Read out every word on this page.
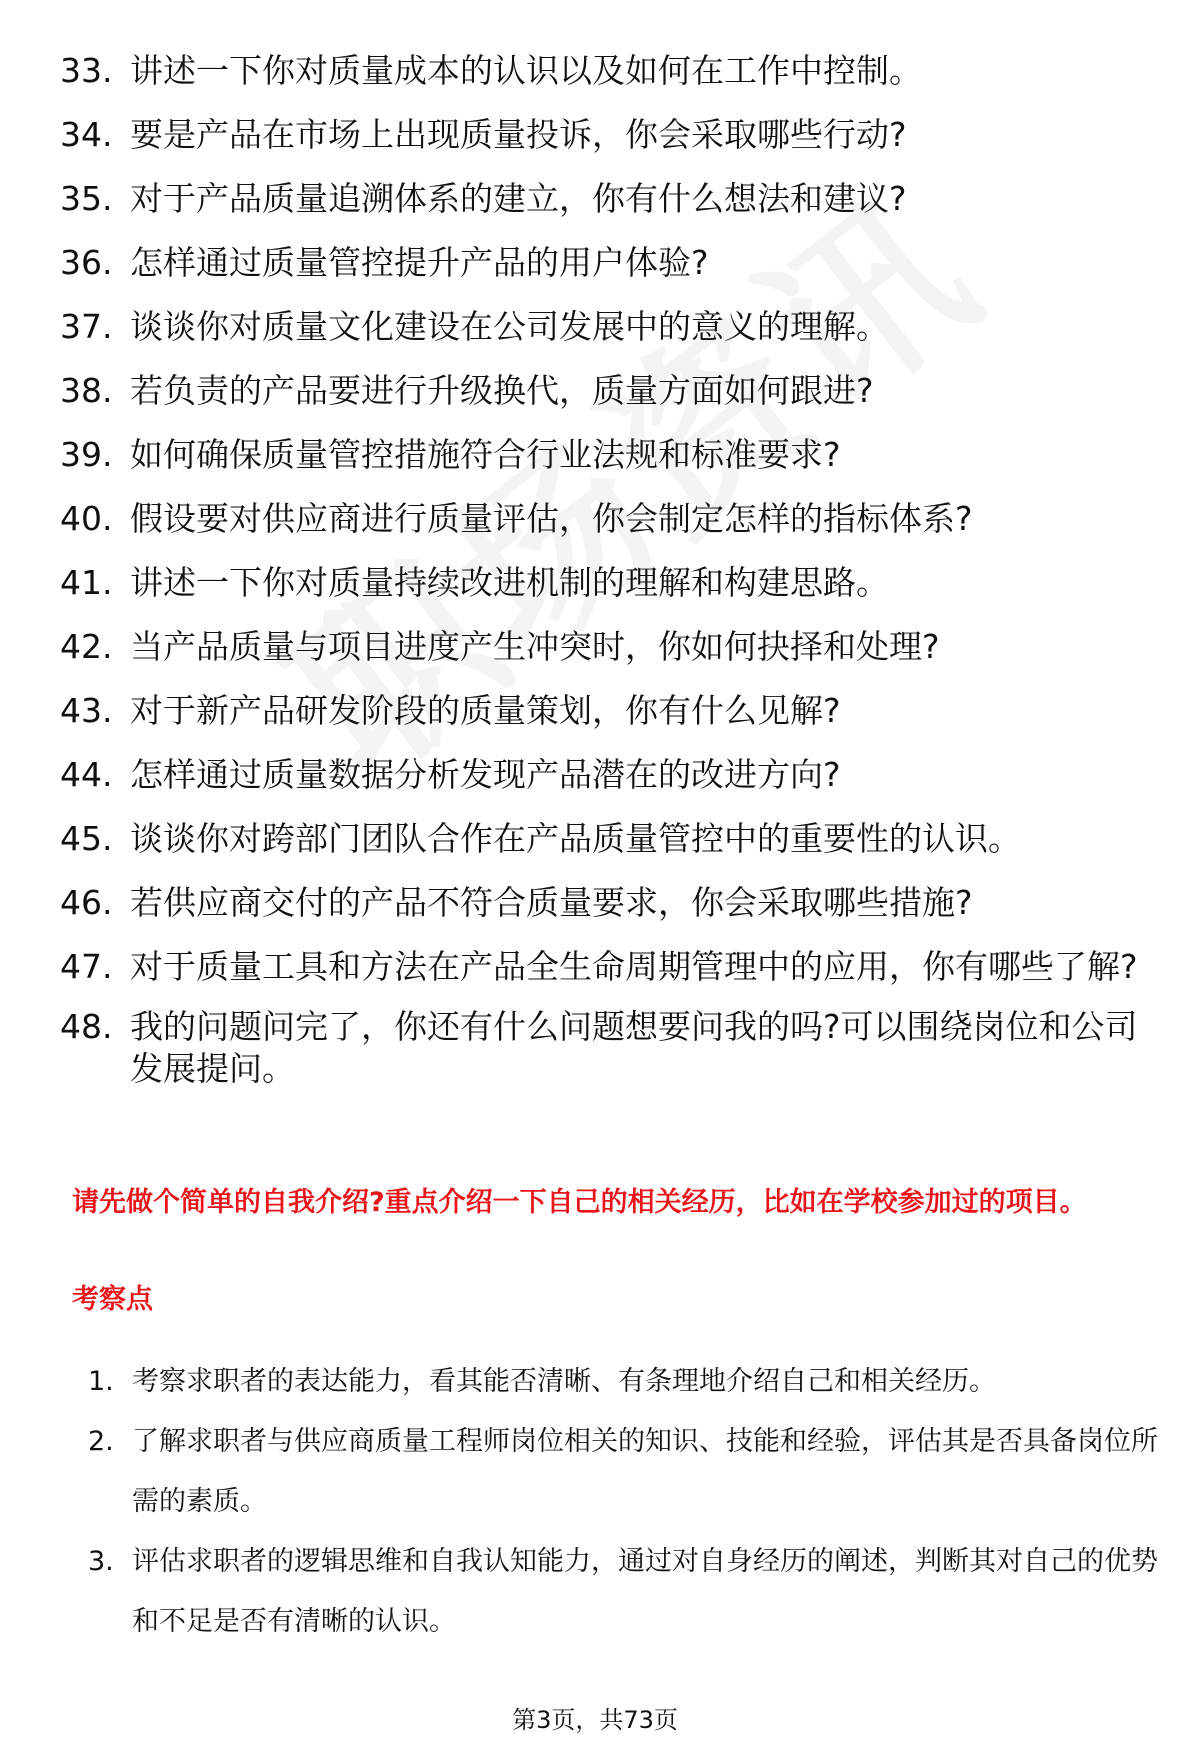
33. 讲述一下你对质量成本的认识以及如何在工作中控制。
34. 要是产品在市场上出现质量投诉，你会采取哪些行动?
35. 对于产品质量追溯体系的建立，你有什么想法和建议?
36. 怎样通过质量管控提升产品的用户体验?
37. 谈谈你对质量文化建设在公司发展中的意义的理解。
38. 若负责的产品要进行升级换代，质量方面如何跟进?
39. 如何确保质量管控措施符合行业法规和标准要求?
40. 假设要对供应商进行质量评估，你会制定怎样的指标体系?
41. 讲述一下你对质量持续改进机制的理解和构建思路。
42. 当产品质量与项目进度产生冲突时，你如何抉择和处理?
43. 对于新产品研发阶段的质量策划，你有什么见解?
44. 怎样通过质量数据分析发现产品潜在的改进方向?
45. 谈谈你对跨部门团队合作在产品质量管控中的重要性的认识。
46. 若供应商交付的产品不符合质量要求，你会采取哪些措施?
47. 对于质量工具和方法在产品全生命周期管理中的应用，你有哪些了解?
48. 我的问题问完了，你还有什么问题想要问我的吗?可以围绕岗位和公司发展提问。
请先做个简单的自我介绍?重点介绍一下自己的相关经历，比如在学校参加过的项目。
考察点
1. 考察求职者的表达能力，看其能否清晰、有条理地介绍自己和相关经历。
2. 了解求职者与供应商质量工程师岗位相关的知识、技能和经验，评估其是否具备岗位所需的素质。
3. 评估求职者的逻辑思维和自我认知能力，通过对自身经历的阐述，判断其对自己的优势和不足是否有清晰的认识。
第3页，共73页
